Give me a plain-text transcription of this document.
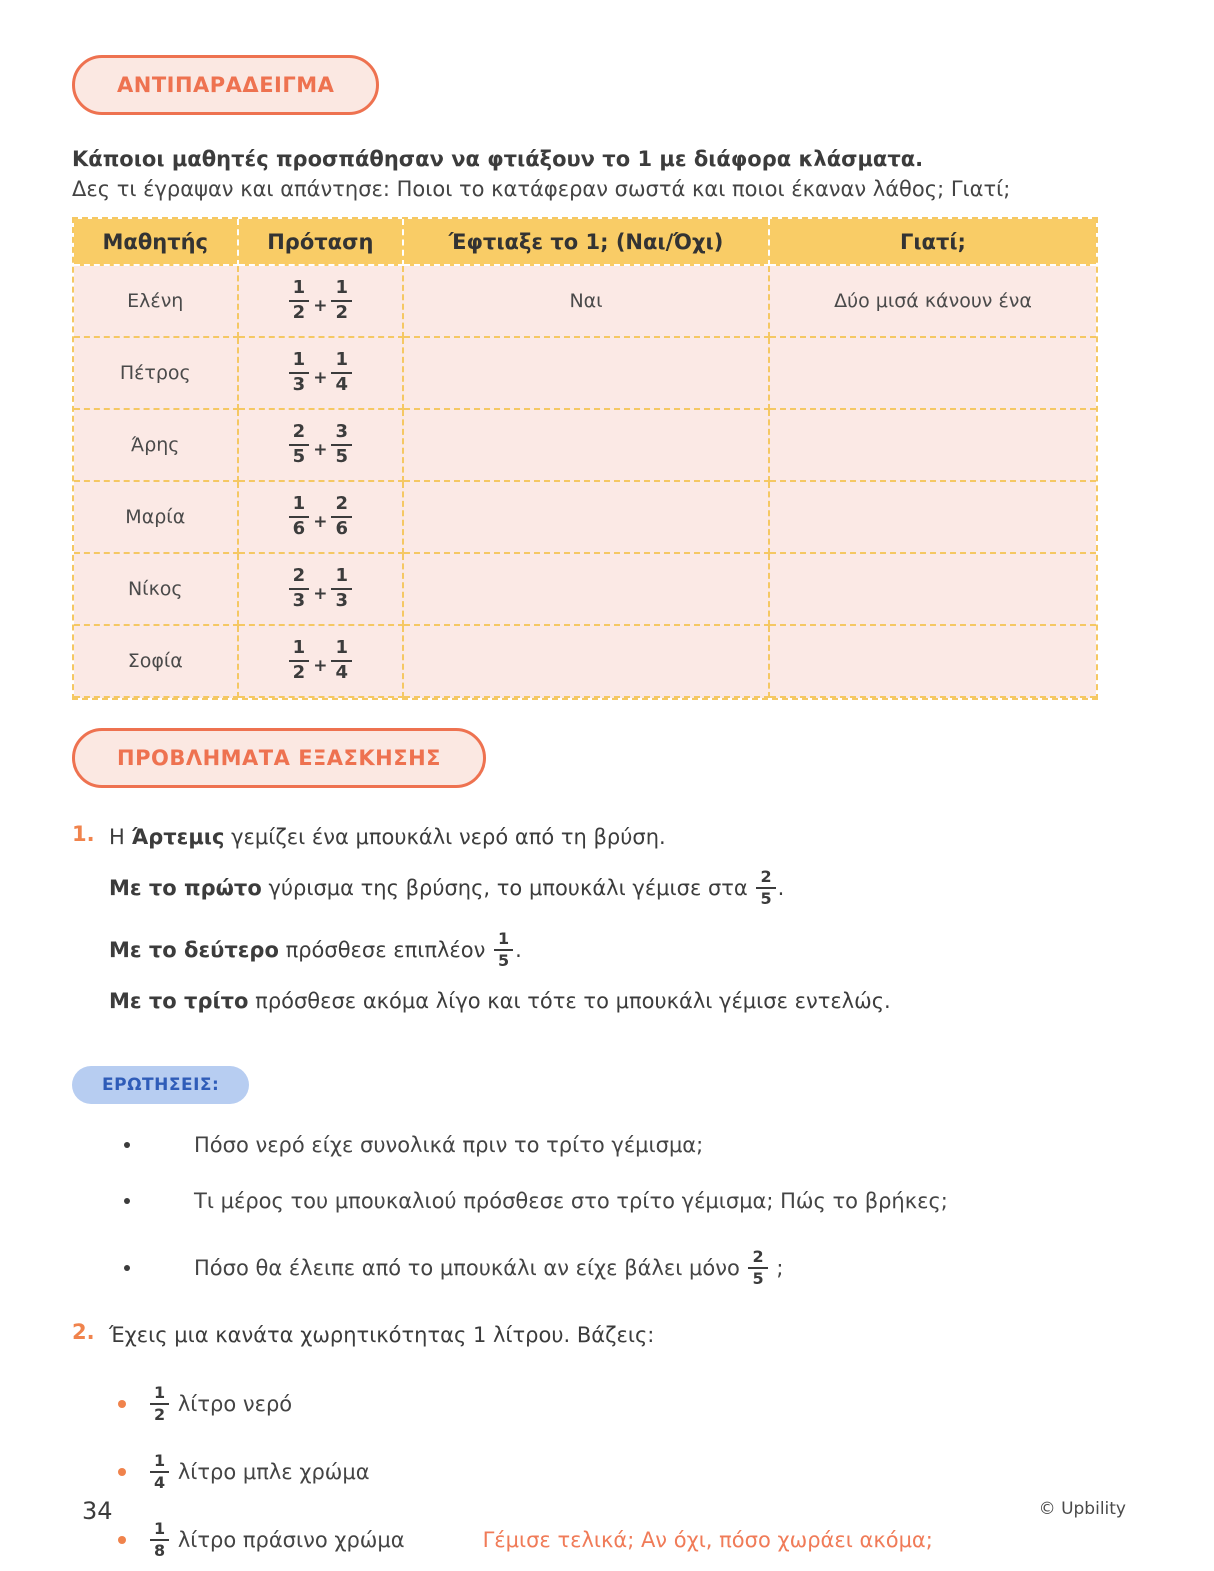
ΑΝΤΙΠΑΡΑΔΕΙΓΜΑ

Κάποιοι μαθητές προσπάθησαν να φτιάξουν το 1 με διάφορα κλάσματα.

Δες τι έγραψαν και απάντησε: Ποιοι το κατάφεραν σωστά και ποιοι έκαναν λάθος; Γιατί;

Μαθητής	Πρόταση	Έφτιαξε το 1; (Ναι/Όχι)	Γιατί;
Ελένη	$\frac{1}{2} + \frac{1}{2}$	Ναι	Δύο μισά κάνουν ένα
Πέτρος	$\frac{1}{3} + \frac{1}{4}$
Άρης	$\frac{2}{5} + \frac{3}{5}$
Μαρία	$\frac{1}{6} + \frac{2}{6}$
Νίκος	$\frac{2}{3} + \frac{1}{3}$
Σοφία	$\frac{1}{2} + \frac{1}{4}$
ΠΡΟΒΛΗΜΑΤΑ ΕΞΑΣΚΗΣΗΣ
1. Η Άρτεμις γεμίζει ένα μπουκάλι νερό από τη βρύση.

Με το πρώτο γύρισμα της βρύσης, το μπουκάλι γέμισε στα $\frac{2}{5}$ .

Με το δεύτερο πρόσθεσε επιπλέον $\frac{1}{5}$ .

Με το τρίτο πρόσθεσε ακόμα λίγο και τότε το μπουκάλι γέμισε εντελώς.

ΕΡΩΤΗΣΕΙΣ:
Πόσο νερό είχε συνολικά πριν το τρίτο γέμισμα;
Τι μέρος του μπουκαλιού πρόσθεσε στο τρίτο γέμισμα; Πώς το βρήκες;
Πόσο θα έλειπε από το μπουκάλι αν είχε βάλει μόνο $\frac{2}{5}$ ;
2. Έχεις μια κανάτα χωρητικότητας 1 λίτρου. Βάζεις:

$\frac{1}{2}$ λίτρο νερό
$\frac{1}{4}$ λίτρο μπλε χρώμα
$\frac{1}{8}$ λίτρο πράσινο χρώμα	Γέμισε τελικά; Αν όχι, πόσο χωράει ακόμα;
34	© Upbility
